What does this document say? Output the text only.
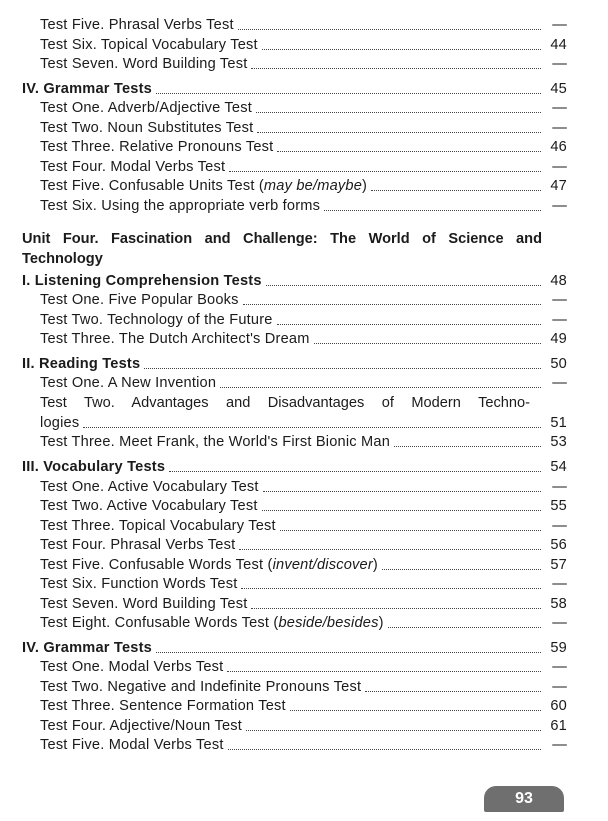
Test Five. Phrasal Verbs Test	—
Test Six. Topical Vocabulary Test	44
Test Seven. Word Building Test	—
IV. Grammar Tests	45
Test One. Adverb/Adjective Test	—
Test Two. Noun Substitutes Test	—
Test Three. Relative Pronouns Test	46
Test Four. Modal Verbs Test	—
Test Five. Confusable Units Test (may be/maybe)	47
Test Six. Using the appropriate verb forms	—
Unit Four. Fascination and Challenge: The World of Science and Technology
I. Listening Comprehension Tests	48
Test One. Five Popular Books	—
Test Two. Technology of the Future	—
Test Three. The Dutch Architect's Dream	49
II. Reading Tests	50
Test One. A New Invention	—
Test Two. Advantages and Disadvantages of Modern Techno-
logies	51
Test Three. Meet Frank, the World's First Bionic Man	53
III. Vocabulary Tests	54
Test One. Active Vocabulary Test	—
Test Two. Active Vocabulary Test	55
Test Three. Topical Vocabulary Test	—
Test Four. Phrasal Verbs Test	56
Test Five. Confusable Words Test (invent/discover)	57
Test Six. Function Words Test	—
Test Seven. Word Building Test	58
Test Eight. Confusable Words Test (beside/besides)	—
IV. Grammar Tests	59
Test One. Modal Verbs Test	—
Test Two. Negative and Indefinite Pronouns Test	—
Test Three. Sentence Formation Test	60
Test Four. Adjective/Noun Test	61
Test Five. Modal Verbs Test	—
93
